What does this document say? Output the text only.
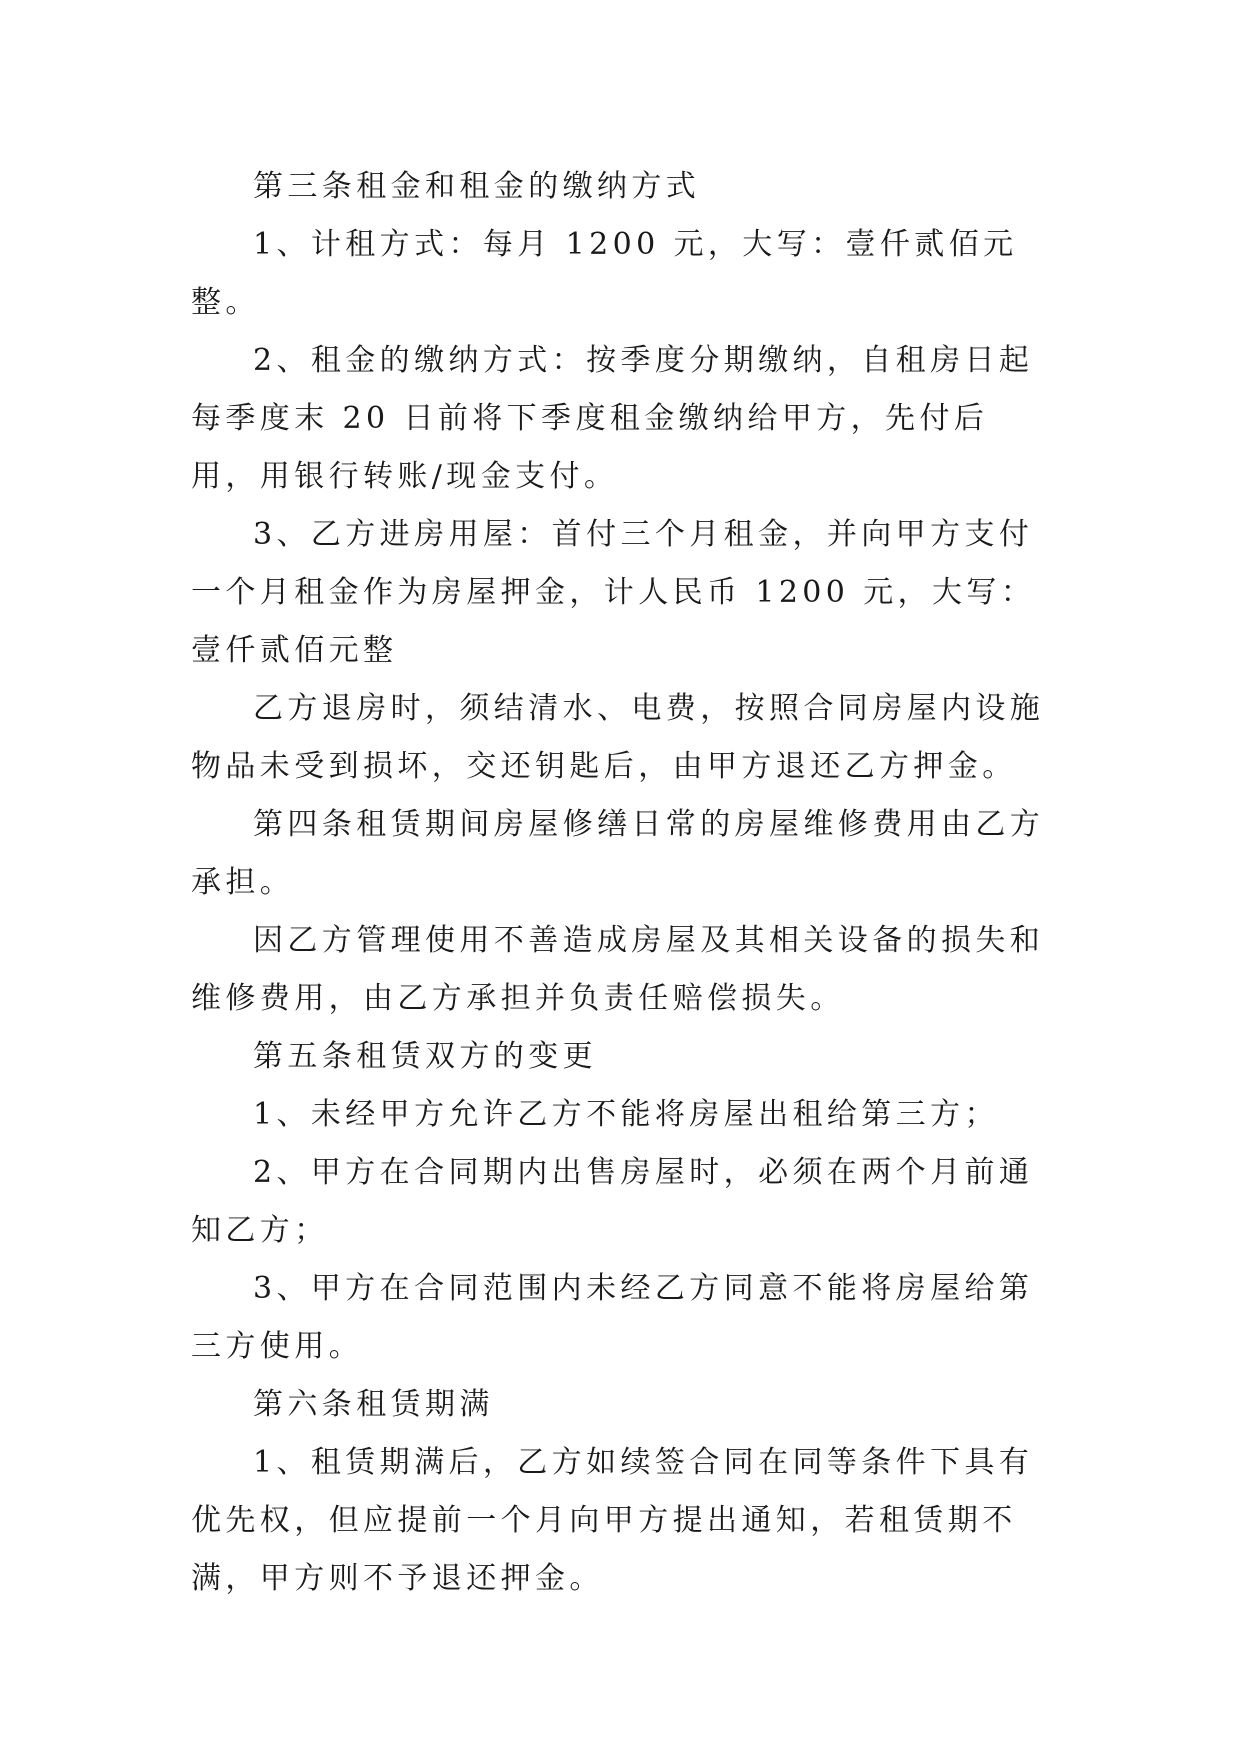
第三条租金和租金的缴纳方式

1、计租方式：每月 1200 元，大写：壹仟贰佰元整。

2、租金的缴纳方式：按季度分期缴纳，自租房日起每季度末 20 日前将下季度租金缴纳给甲方，先付后用，用银行转账/现金支付。

3、乙方进房用屋：首付三个月租金，并向甲方支付一个月租金作为房屋押金，计人民币 1200 元，大写：壹仟贰佰元整

乙方退房时，须结清水、电费，按照合同房屋内设施物品未受到损坏，交还钥匙后，由甲方退还乙方押金。

第四条租赁期间房屋修缮日常的房屋维修费用由乙方承担。

因乙方管理使用不善造成房屋及其相关设备的损失和维修费用，由乙方承担并负责任赔偿损失。

第五条租赁双方的变更

1、未经甲方允许乙方不能将房屋出租给第三方；

2、甲方在合同期内出售房屋时，必须在两个月前通知乙方；

3、甲方在合同范围内未经乙方同意不能将房屋给第三方使用。

第六条租赁期满

1、租赁期满后，乙方如续签合同在同等条件下具有优先权，但应提前一个月向甲方提出通知，若租赁期不满，甲方则不予退还押金。
